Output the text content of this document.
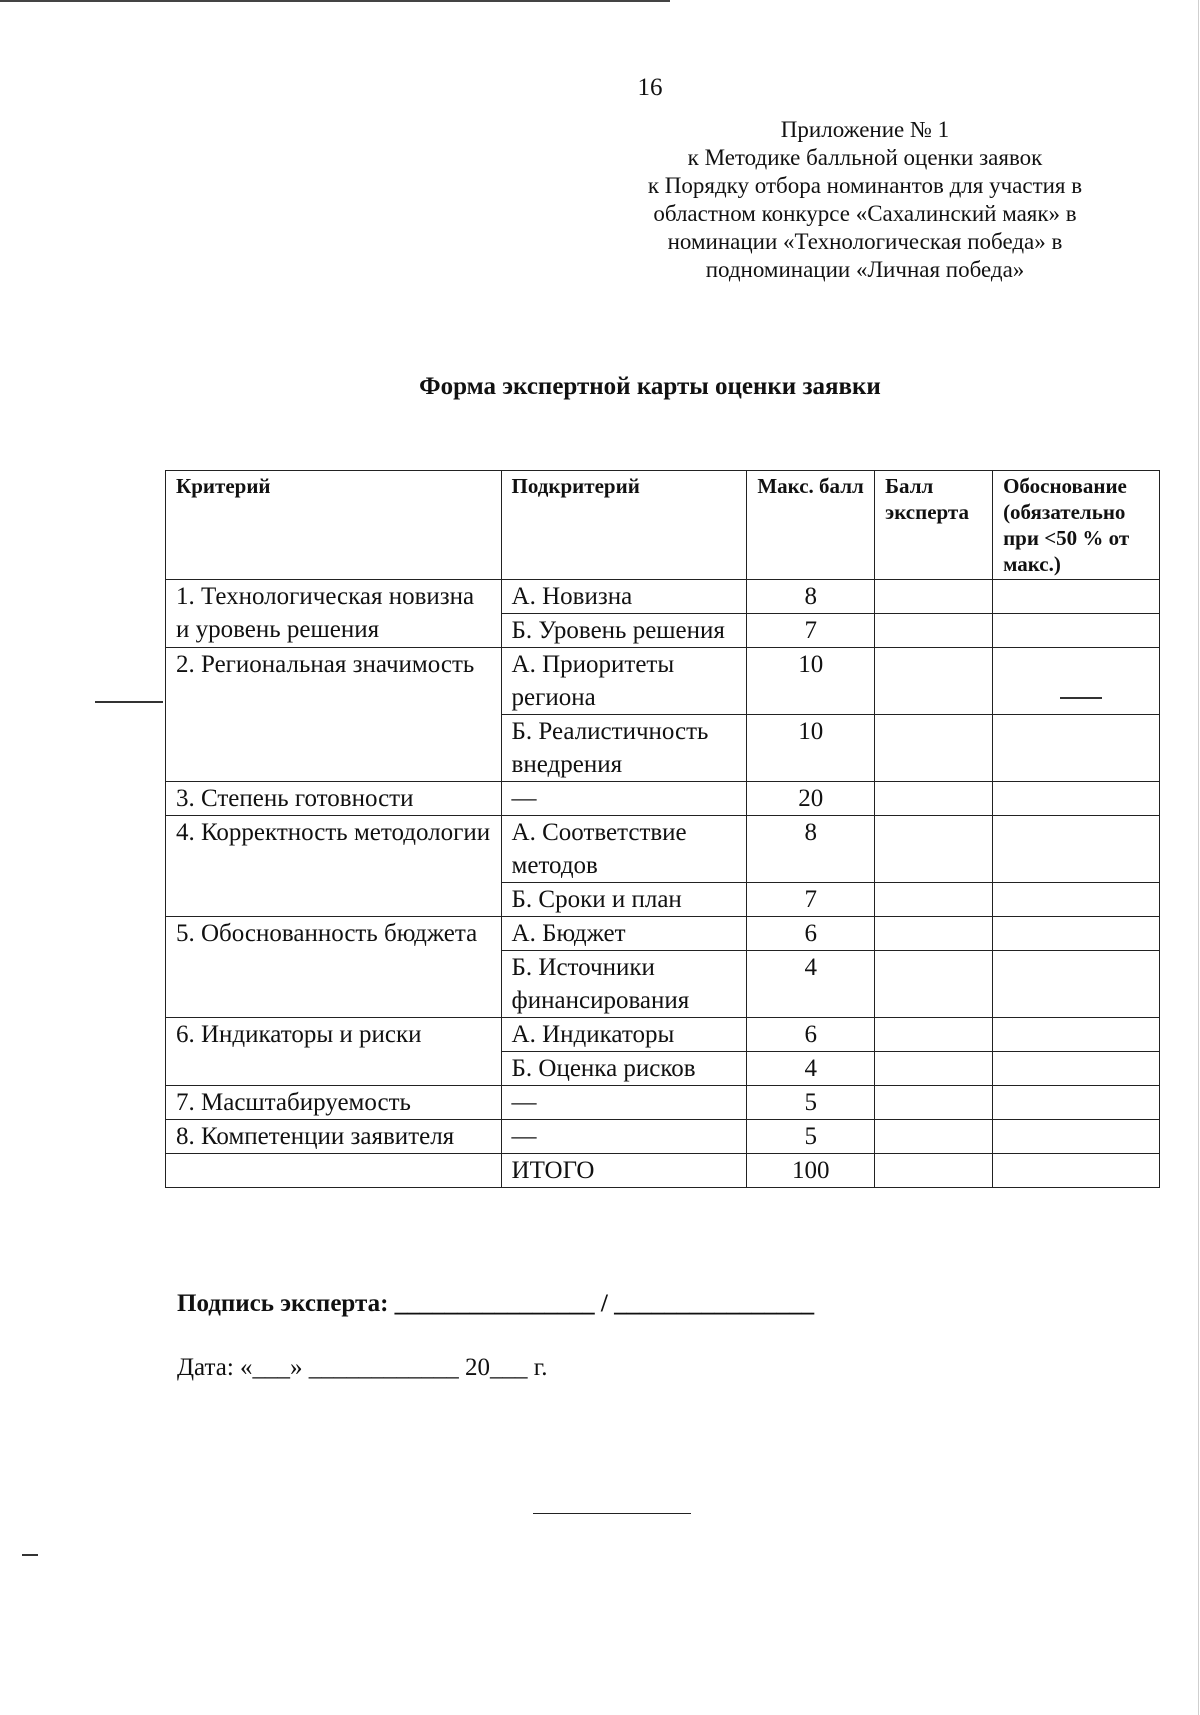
16
Приложение № 1
к Методике балльной оценки заявок
к Порядку отбора номинантов для участия в
областном конкурсе «Сахалинский маяк» в
номинации «Технологическая победа» в
подноминации «Личная победа»
Форма экспертной карты оценки заявки
Критерий	Подкритерий	Макс. балл	Балл эксперта	Обоснование (обязательно при <50 % от макс.)
1. Технологическая новизна и уровень решения	А. Новизна	8		
	Б. Уровень решения	7		
2. Региональная значимость	А. Приоритеты региона	10		
	Б. Реалистичность внедрения	10		
3. Степень готовности	—	20		
4. Корректность методологии	А. Соответствие методов	8		
	Б. Сроки и план	7		
5. Обоснованность бюджета	А. Бюджет	6		
	Б. Источники финансирования	4		
6. Индикаторы и риски	А. Индикаторы	6		
	Б. Оценка рисков	4		
7. Масштабируемость	—	5		
8. Компетенции заявителя	—	5		
	ИТОГО	100		
Подпись эксперта: ________________ / ________________
Дата: «___» ____________ 20___ г.
